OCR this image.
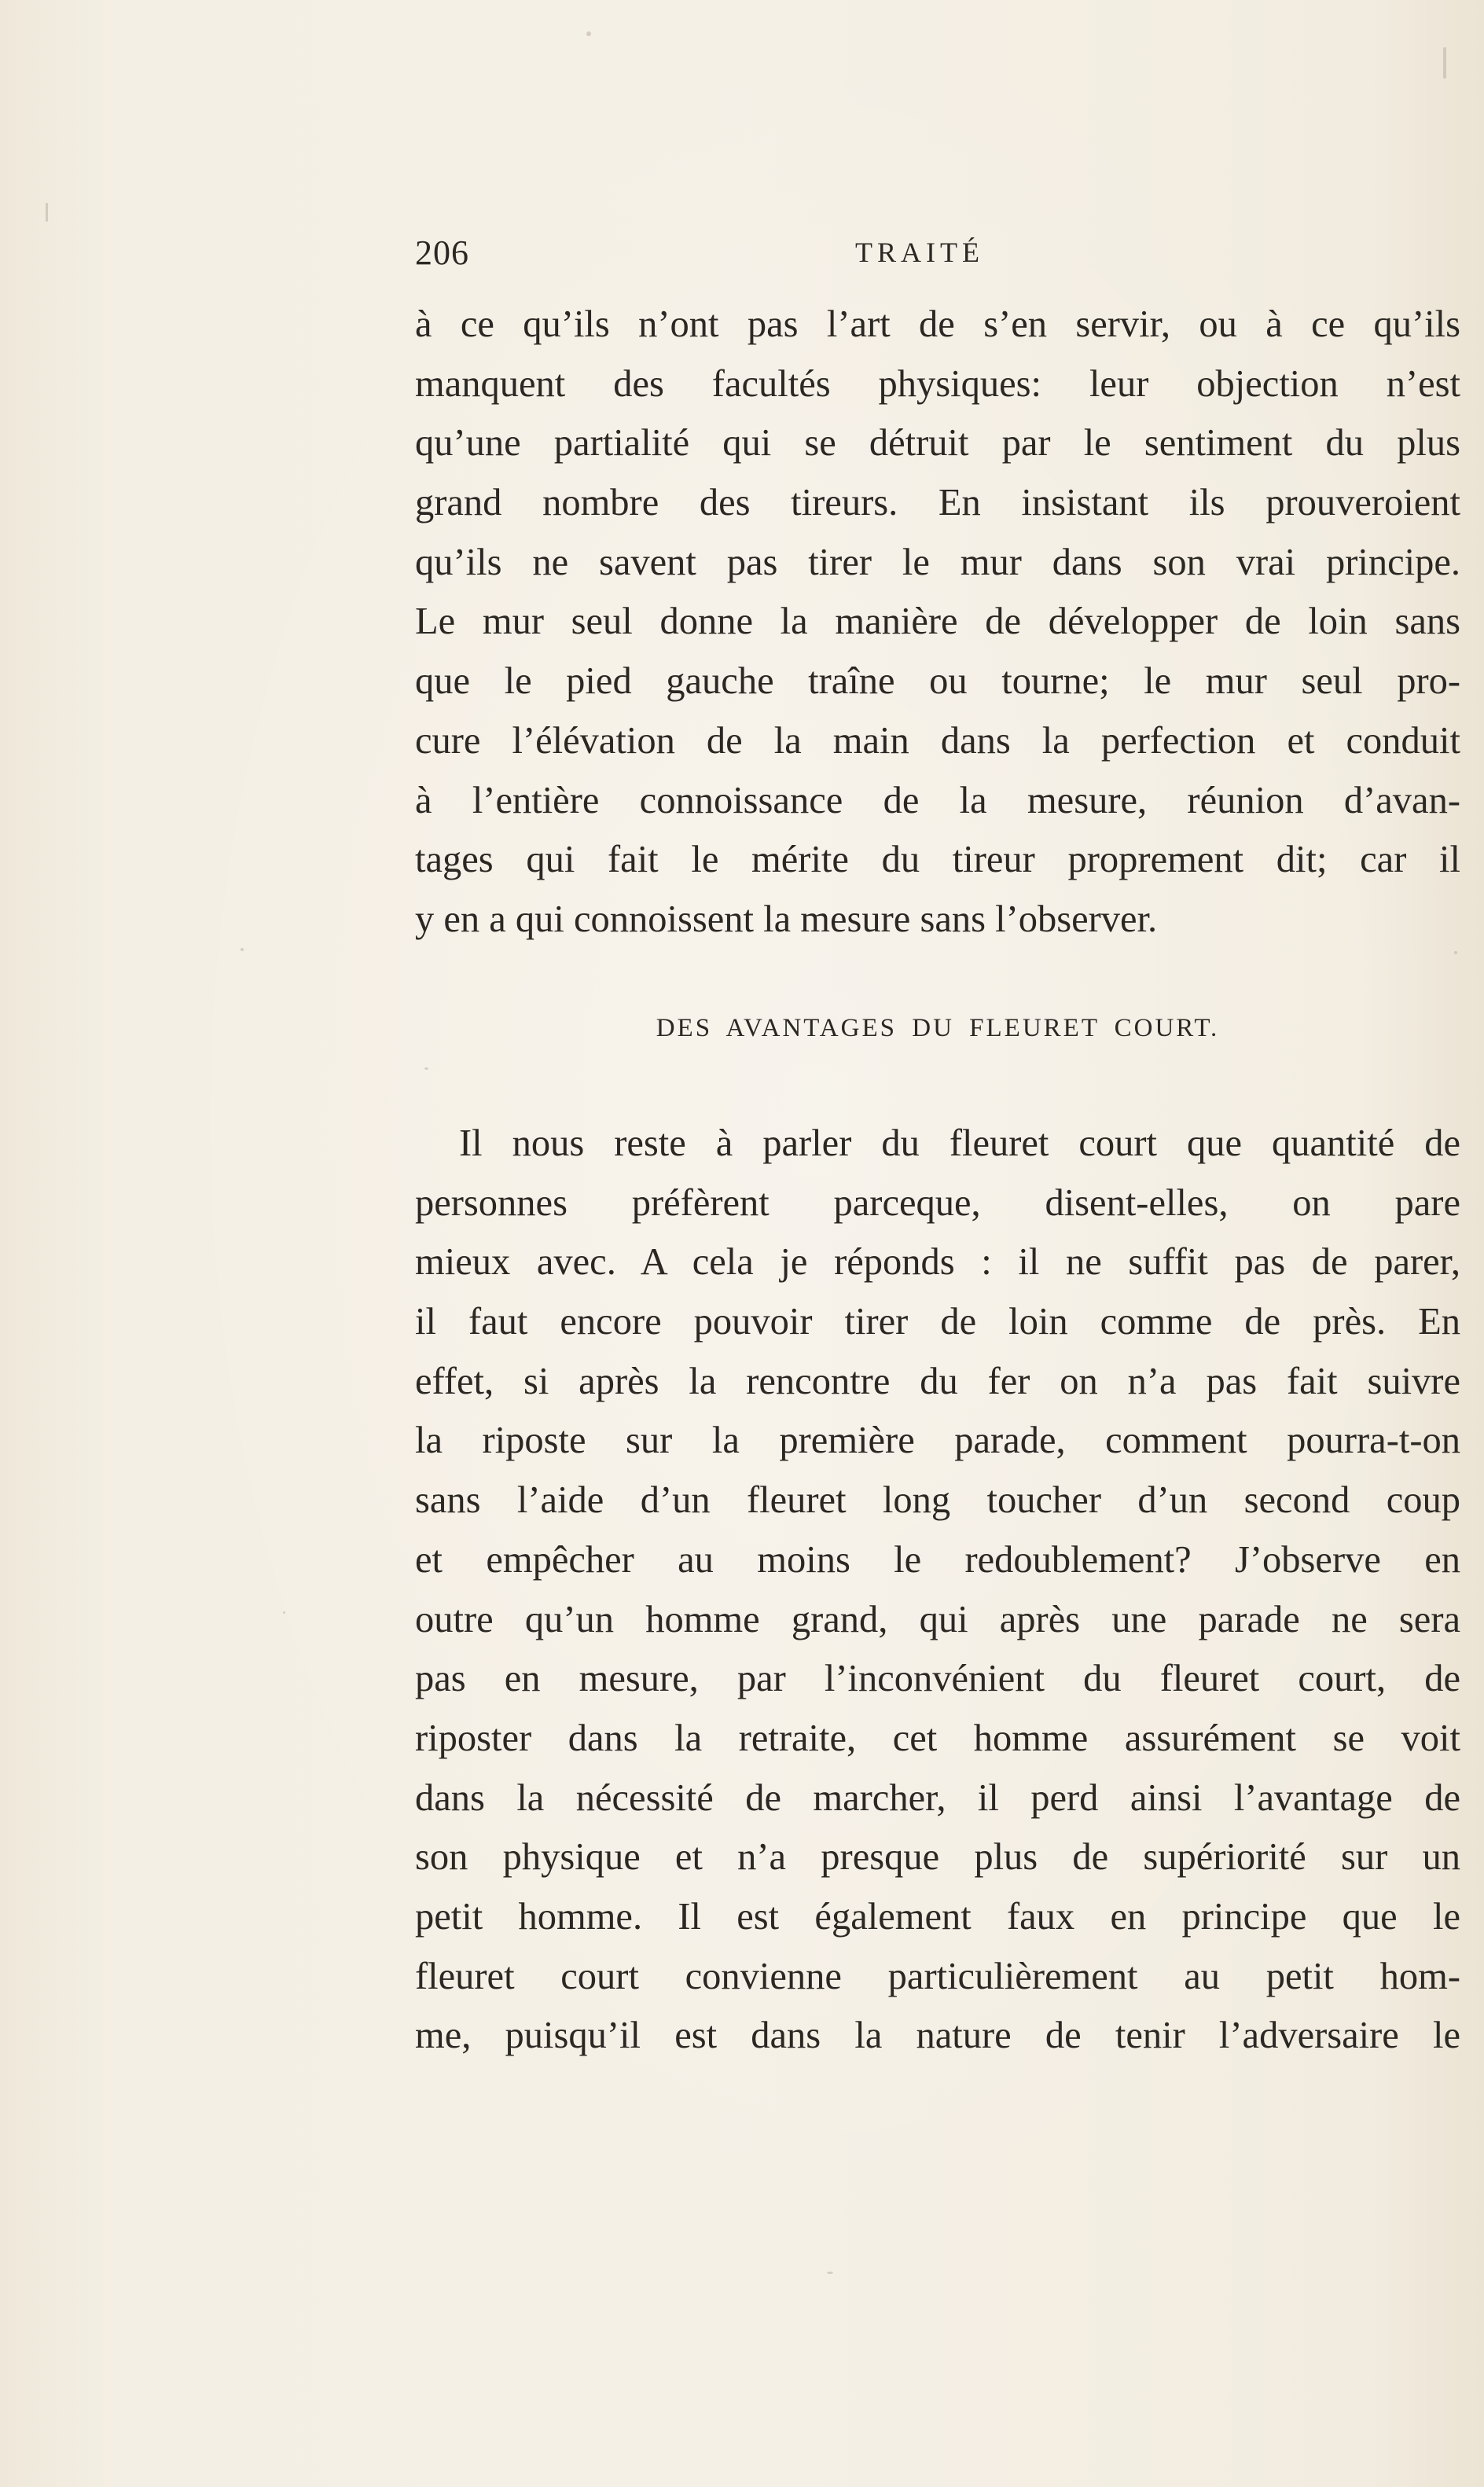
206	TRAITÉ
à ce qu’ils n’ont pas l’art de s’en servir, ou à ce qu’ils
manquent des facultés physiques: leur objection n’est
qu’une partialité qui se détruit par le sentiment du plus
grand nombre des tireurs. En insistant ils prouveroient
qu’ils ne savent pas tirer le mur dans son vrai principe.
Le mur seul donne la manière de développer de loin sans
que le pied gauche traîne ou tourne; le mur seul pro-
cure l’élévation de la main dans la perfection et conduit
à l’entière connoissance de la mesure, réunion d’avan-
tages qui fait le mérite du tireur proprement dit; car il
y en a qui connoissent la mesure sans l’observer.
DES AVANTAGES DU FLEURET COURT.
Il nous reste à parler du fleuret court que quantité de
personnes préfèrent parceque, disent-elles, on pare
mieux avec. A cela je réponds : il ne suffit pas de parer,
il faut encore pouvoir tirer de loin comme de près. En
effet, si après la rencontre du fer on n’a pas fait suivre
la riposte sur la première parade, comment pourra-t-on
sans l’aide d’un fleuret long toucher d’un second coup
et empêcher au moins le redoublement? J’observe en
outre qu’un homme grand, qui après une parade ne sera
pas en mesure, par l’inconvénient du fleuret court, de
riposter dans la retraite, cet homme assurément se voit
dans la nécessité de marcher, il perd ainsi l’avantage de
son physique et n’a presque plus de supériorité sur un
petit homme. Il est également faux en principe que le
fleuret court convienne particulièrement au petit hom-
me, puisqu’il est dans la nature de tenir l’adversaire le
